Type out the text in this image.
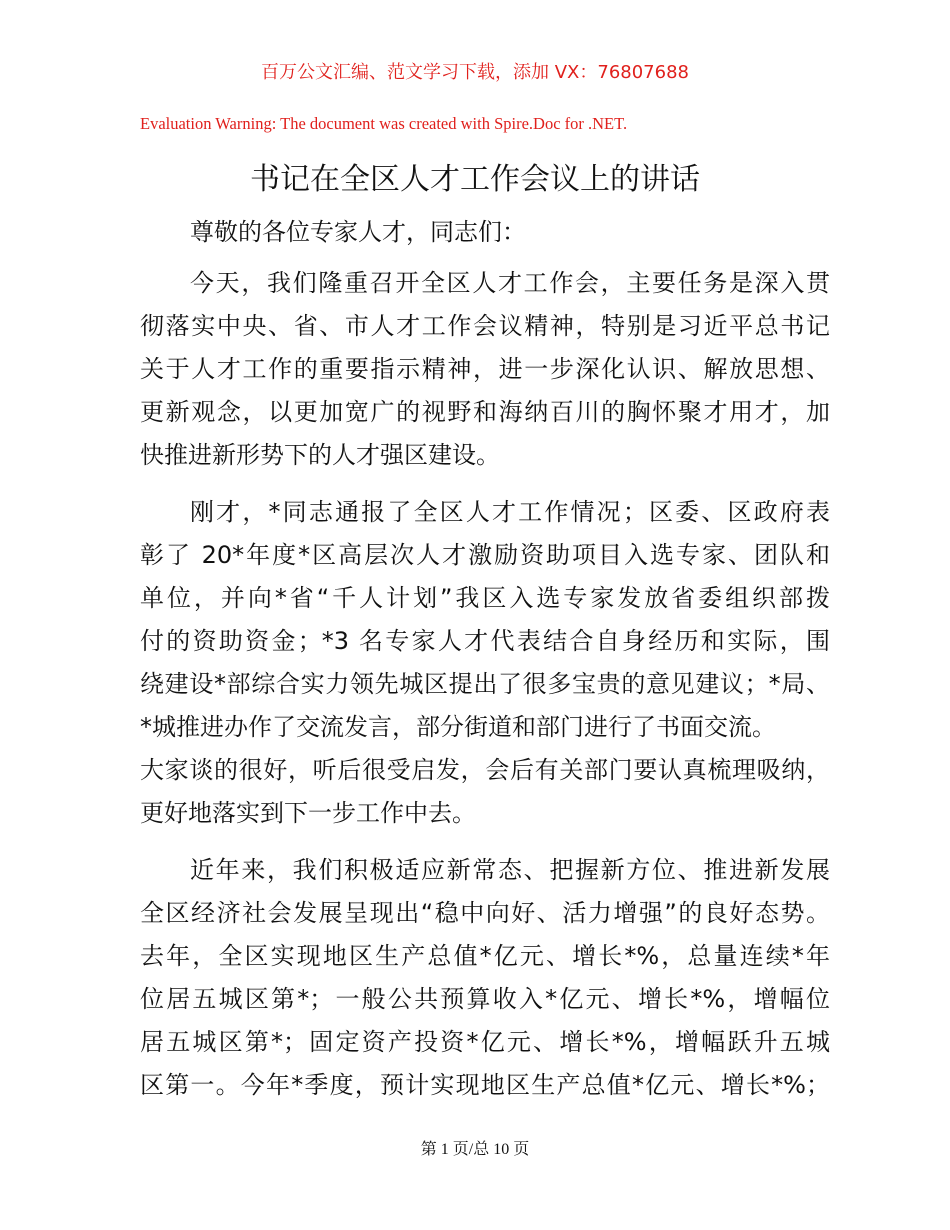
百万公文汇编、范文学习下载，添加 VX：76807688
Evaluation Warning: The document was created with Spire.Doc for .NET.
书记在全区人才工作会议上的讲话
尊敬的各位专家人才，同志们：
今天，我们隆重召开全区人才工作会，主要任务是深入贯
彻落实中央、省、市人才工作会议精神，特别是习近平总书记
关于人才工作的重要指示精神，进一步深化认识、解放思想、
更新观念，以更加宽广的视野和海纳百川的胸怀聚才用才，加
快推进新形势下的人才强区建设。
刚才，*同志通报了全区人才工作情况；区委、区政府表
彰了 20*年度*区高层次人才激励资助项目入选专家、团队和
单位，并向*省“千人计划”我区入选专家发放省委组织部拨
付的资助资金；*3 名专家人才代表结合自身经历和实际，围
绕建设*部综合实力领先城区提出了很多宝贵的意见建议；*局、
*城推进办作了交流发言，部分街道和部门进行了书面交流。
大家谈的很好，听后很受启发，会后有关部门要认真梳理吸纳，
更好地落实到下一步工作中去。
近年来，我们积极适应新常态、把握新方位、推进新发展
全区经济社会发展呈现出“稳中向好、活力增强”的良好态势。
去年，全区实现地区生产总值*亿元、增长*%，总量连续*年
位居五城区第*；一般公共预算收入*亿元、增长*%，增幅位
居五城区第*；固定资产投资*亿元、增长*%，增幅跃升五城
区第一。今年*季度，预计实现地区生产总值*亿元、增长*%；
第 1 页/总 10 页
